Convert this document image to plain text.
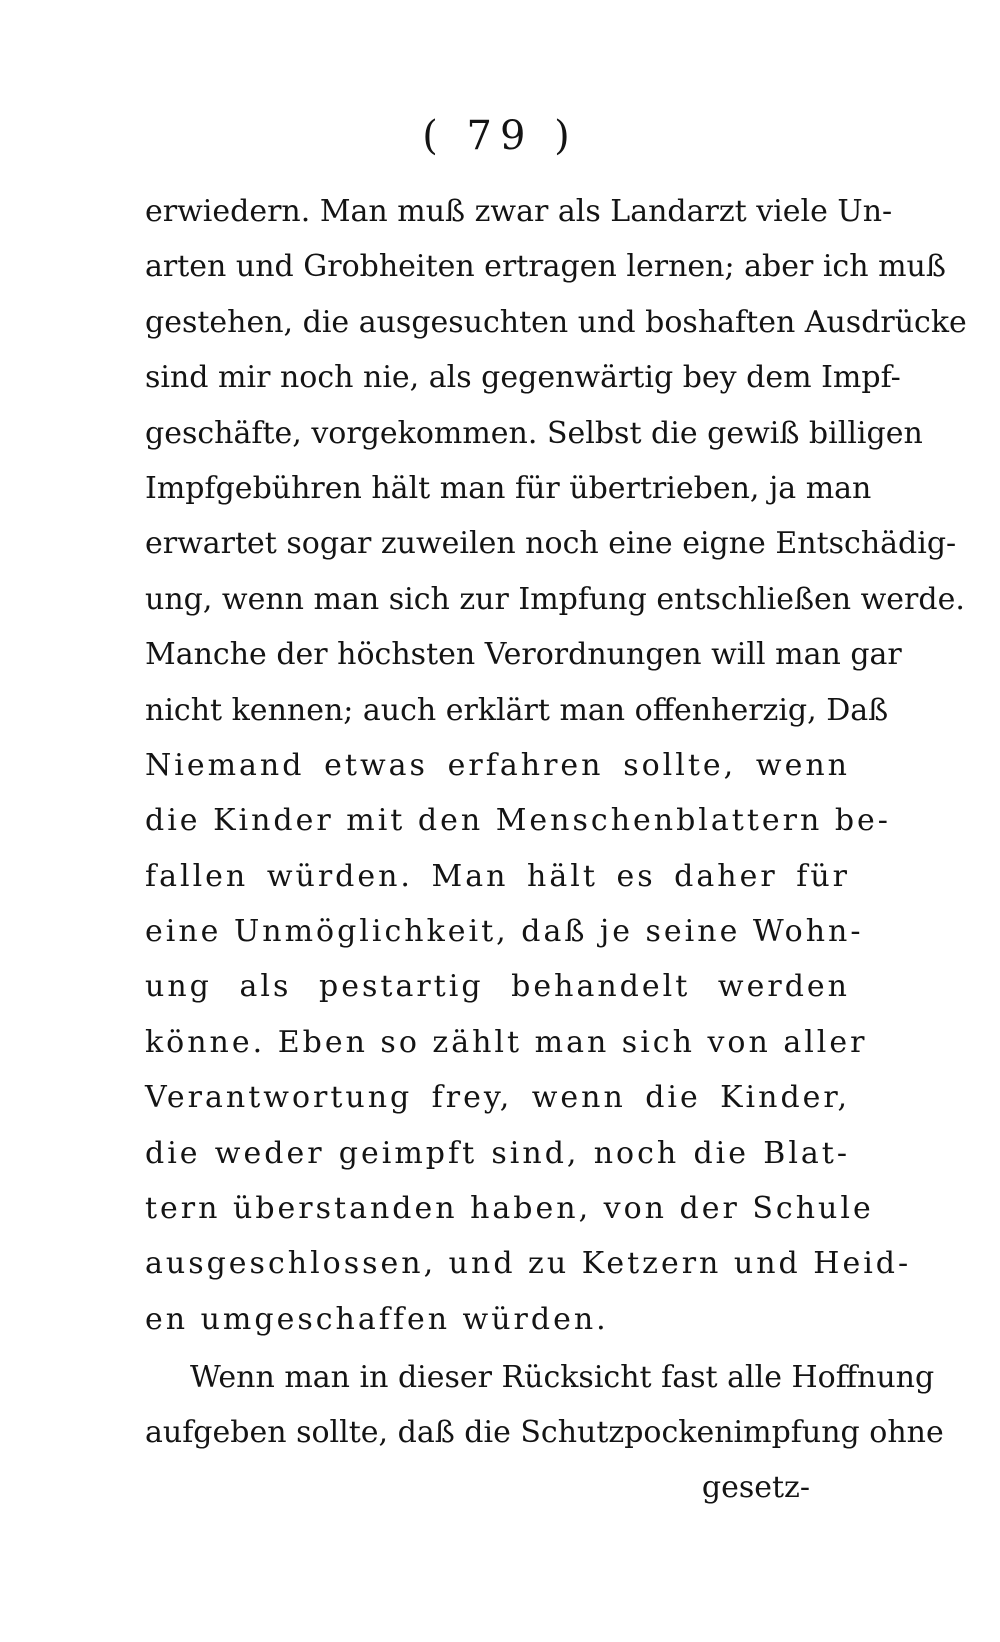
( 79 )
erwiedern. Man muß zwar als Landarzt viele Un-
arten und Grobheiten ertragen lernen; aber ich muß
gestehen, die ausgesuchten und boshaften Ausdrücke
sind mir noch nie, als gegenwärtig bey dem Impf-
geschäfte, vorgekommen. Selbst die gewiß billigen
Impfgebühren hält man für übertrieben, ja man
erwartet sogar zuweilen noch eine eigne Entschädig-
ung, wenn man sich zur Impfung entschließen werde.
Manche der höchsten Verordnungen will man gar
nicht kennen; auch erklärt man offenherzig, Daß
Niemand etwas erfahren sollte, wenn
die Kinder mit den Menschenblattern be-
fallen würden. Man hält es daher für
eine Unmöglichkeit, daß je seine Wohn-
ung als pestartig behandelt werden
könne. Eben so zählt man sich von aller
Verantwortung frey, wenn die Kinder,
die weder geimpft sind, noch die Blat-
tern überstanden haben, von der Schule
ausgeschlossen, und zu Ketzern und Heid-
en umgeschaffen würden.
Wenn man in dieser Rücksicht fast alle Hoffnung
aufgeben sollte, daß die Schutzpockenimpfung ohne
gesetz-
